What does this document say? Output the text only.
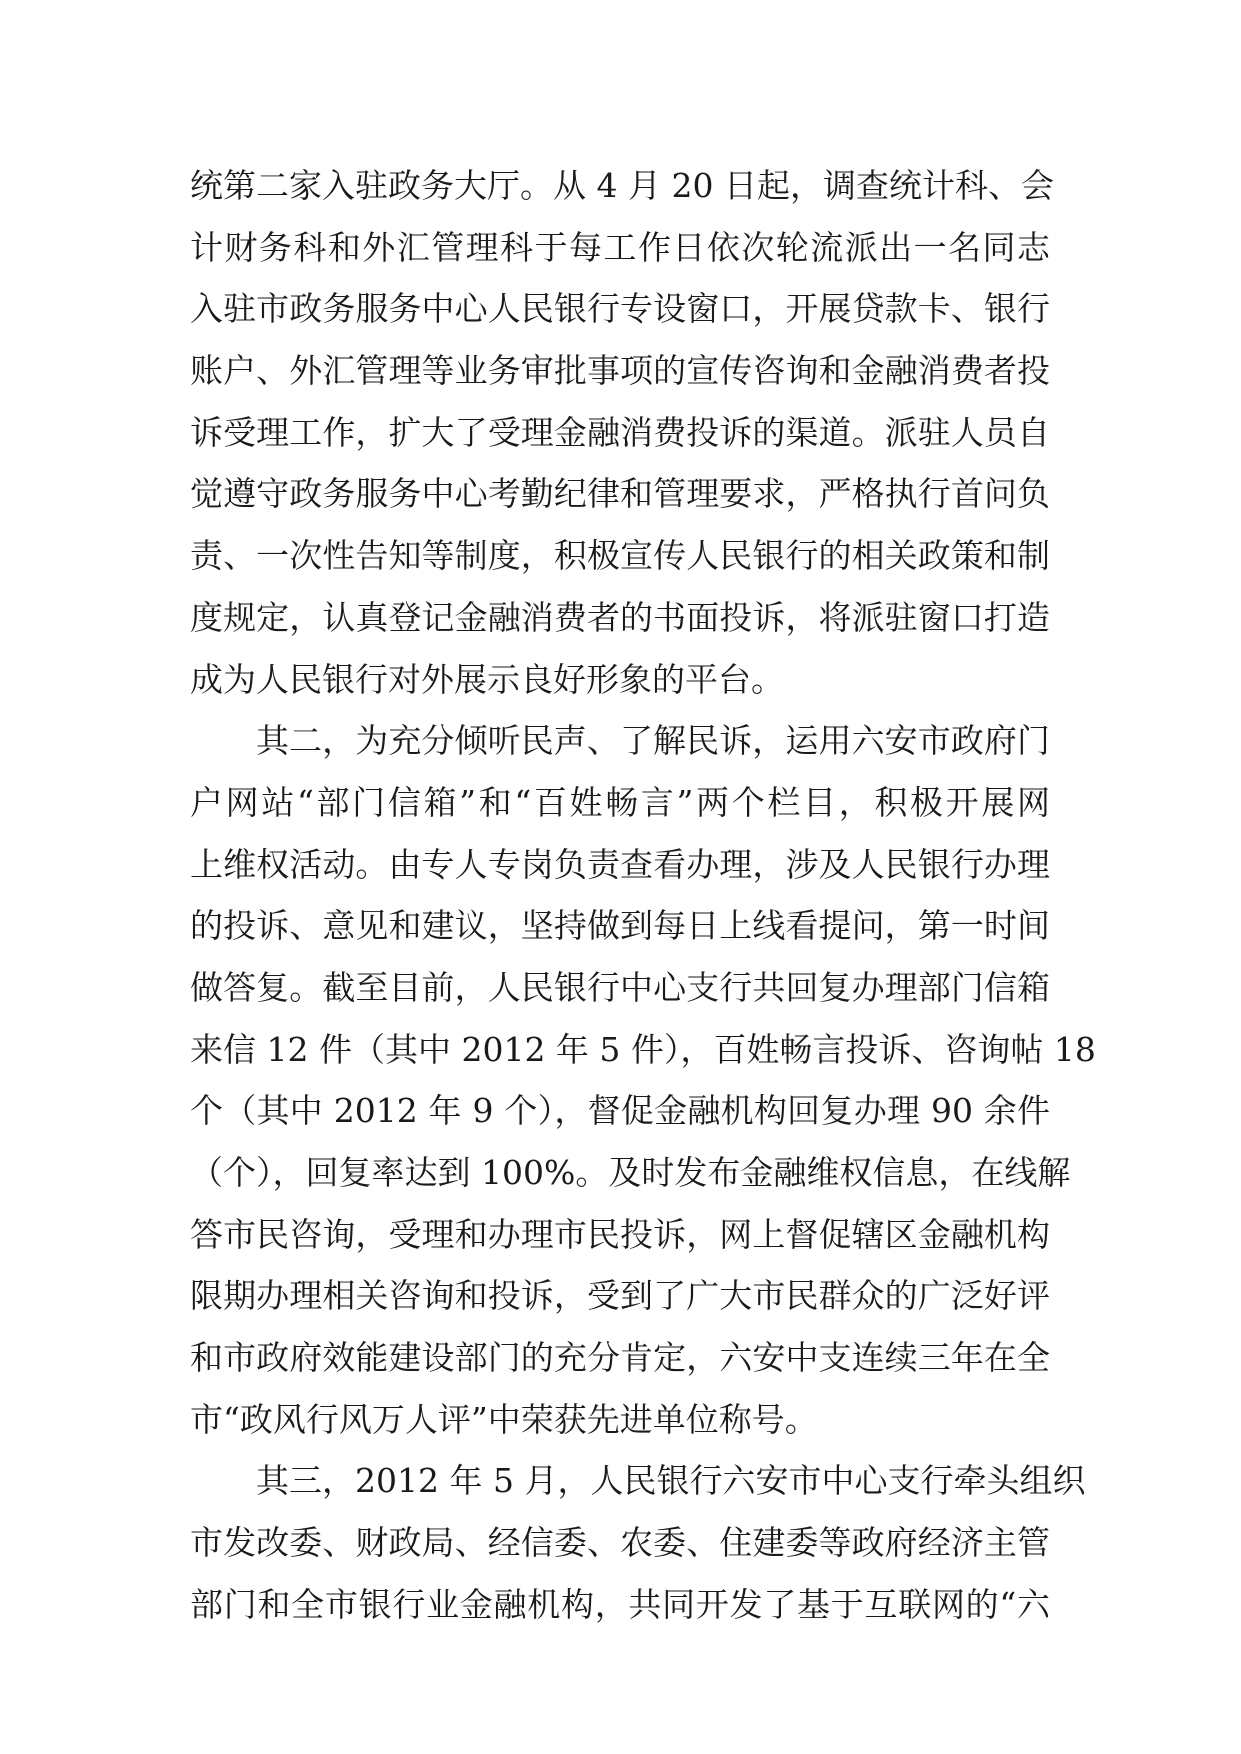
统第二家入驻政务大厅。从 4 月 20 日起，调查统计科、会
计财务科和外汇管理科于每工作日依次轮流派出一名同志
入驻市政务服务中心人民银行专设窗口，开展贷款卡、银行
账户、外汇管理等业务审批事项的宣传咨询和金融消费者投
诉受理工作，扩大了受理金融消费投诉的渠道。派驻人员自
觉遵守政务服务中心考勤纪律和管理要求，严格执行首问负
责、一次性告知等制度，积极宣传人民银行的相关政策和制
度规定，认真登记金融消费者的书面投诉，将派驻窗口打造
成为人民银行对外展示良好形象的平台。
其二，为充分倾听民声、了解民诉，运用六安市政府门
户网站“部门信箱”和“百姓畅言”两个栏目，积极开展网
上维权活动。由专人专岗负责查看办理，涉及人民银行办理
的投诉、意见和建议，坚持做到每日上线看提问，第一时间
做答复。截至目前，人民银行中心支行共回复办理部门信箱
来信 12 件（其中 2012 年 5 件），百姓畅言投诉、咨询帖 18
个（其中 2012 年 9 个），督促金融机构回复办理 90 余件
（个），回复率达到 100%。及时发布金融维权信息，在线解
答市民咨询，受理和办理市民投诉，网上督促辖区金融机构
限期办理相关咨询和投诉，受到了广大市民群众的广泛好评
和市政府效能建设部门的充分肯定，六安中支连续三年在全
市“政风行风万人评”中荣获先进单位称号。
其三，2012 年 5 月，人民银行六安市中心支行牵头组织
市发改委、财政局、经信委、农委、住建委等政府经济主管
部门和全市银行业金融机构，共同开发了基于互联网的“六
